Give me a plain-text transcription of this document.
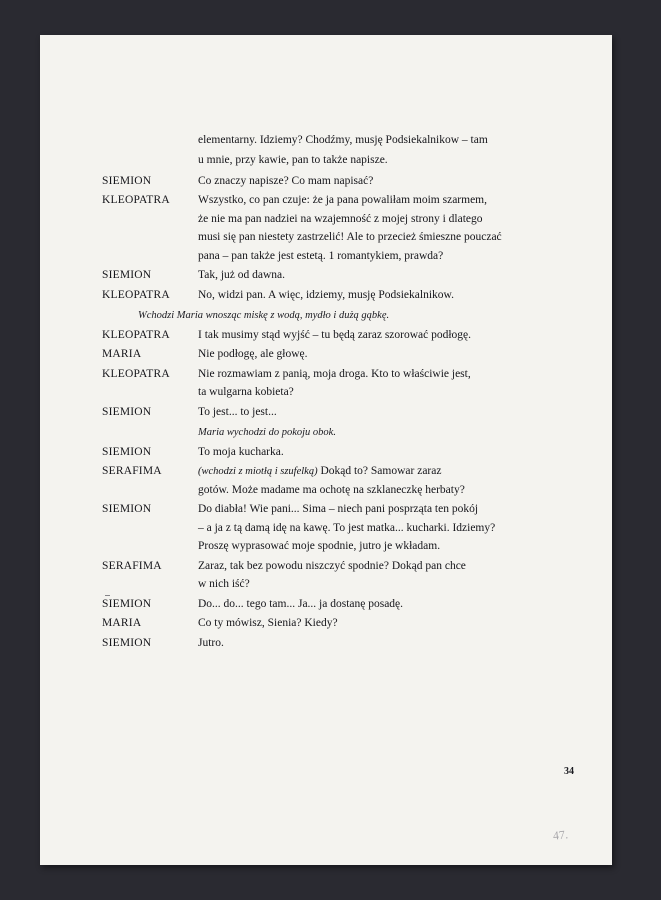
elementarny. Idziemy? Chodźmy, musję Podsiekalnikow – tam
u mnie, przy kawie, pan to także napisze.
SIEMION	Co znaczy napisze? Co mam napisać?
KLEOPATRA	Wszystko, co pan czuje: że ja pana powaliłam moim szarmem,
że nie ma pan nadziei na wzajemność z mojej strony i dlatego
musi się pan niestety zastrzelić! Ale to przecież śmieszne pouczać
pana – pan także jest estetą. 1 romantykiem, prawda?
SIEMION	Tak, już od dawna.
KLEOPATRA	No, widzi pan. A więc, idziemy, musję Podsiekalnikow.
Wchodzi Maria wnosząc miskę z wodą, mydło i dużą gąbkę.
KLEOPATRA	I tak musimy stąd wyjść – tu będą zaraz szorować podłogę.
MARIA	Nie podłogę, ale głowę.
KLEOPATRA	Nie rozmawiam z panią, moja droga. Kto to właściwie jest,
ta wulgarna kobieta?
SIEMION	To jest... to jest...
Maria wychodzi do pokoju obok.
SIEMION	To moja kucharka.
SERAFIMA	(wchodzi z miotłą i szufelką) Dokąd to? Samowar zaraz
gotów. Może madame ma ochotę na szklaneczkę herbaty?
SIEMION	Do diabła! Wie pani... Sima – niech pani posprząta ten pokój
– a ja z tą damą idę na kawę. To jest matka... kucharki. Idziemy?
Proszę wyprasować moje spodnie, jutro je wkładam.
SERAFIMA	Zaraz, tak bez powodu niszczyć spodnie? Dokąd pan chce
w nich iść?
SIEMION	Do... do... tego tam... Ja... ja dostanę posadę.
MARIA	Co ty mówisz, Sienia? Kiedy?
SIEMION	Jutro.
34
47.
